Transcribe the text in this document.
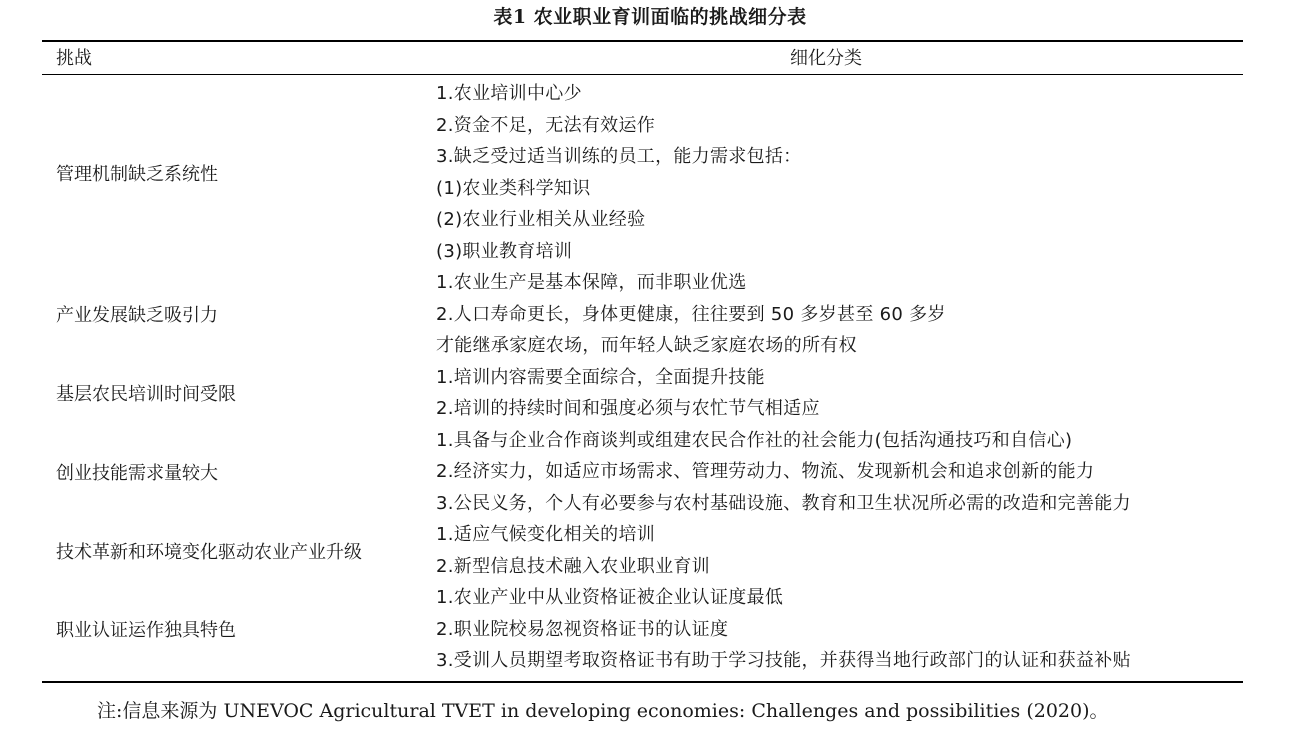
表1 农业职业育训面临的挑战细分表
挑战	细化分类
管理机制缺乏系统性
1.农业培训中心少
2.资金不足，无法有效运作
3.缺乏受过适当训练的员工，能力需求包括：
(1)农业类科学知识
(2)农业行业相关从业经验
(3)职业教育培训
产业发展缺乏吸引力
1.农业生产是基本保障，而非职业优选
2.人口寿命更长，身体更健康，往往要到 50 多岁甚至 60 多岁
才能继承家庭农场，而年轻人缺乏家庭农场的所有权
基层农民培训时间受限
1.培训内容需要全面综合，全面提升技能
2.培训的持续时间和强度必须与农忙节气相适应
创业技能需求量较大
1.具备与企业合作商谈判或组建农民合作社的社会能力(包括沟通技巧和自信心)
2.经济实力，如适应市场需求、管理劳动力、物流、发现新机会和追求创新的能力
3.公民义务，个人有必要参与农村基础设施、教育和卫生状况所必需的改造和完善能力
技术革新和环境变化驱动农业产业升级
1.适应气候变化相关的培训
2.新型信息技术融入农业职业育训
职业认证运作独具特色
1.农业产业中从业资格证被企业认证度最低
2.职业院校易忽视资格证书的认证度
3.受训人员期望考取资格证书有助于学习技能，并获得当地行政部门的认证和获益补贴
注:信息来源为 UNEVOC Agricultural TVET in developing economies: Challenges and possibilities (2020)。
